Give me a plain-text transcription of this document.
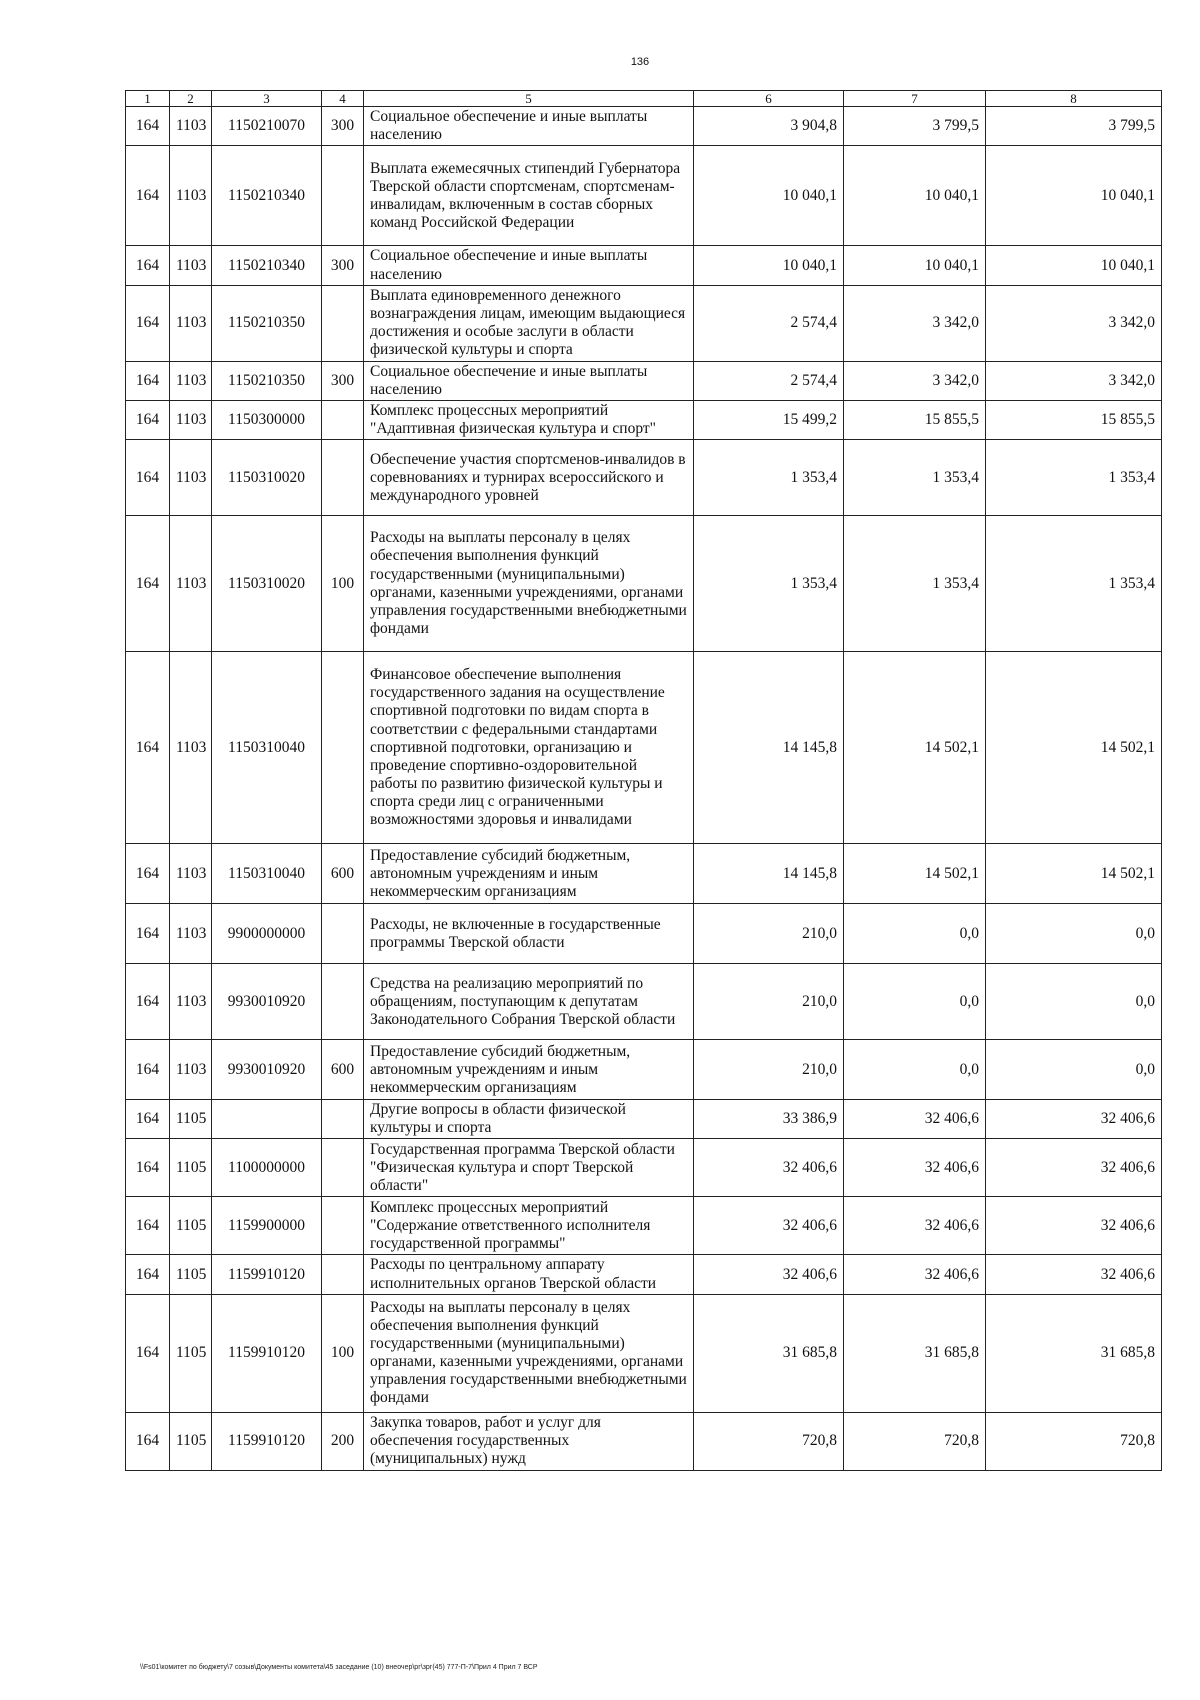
136
1	2	3	4	5	6	7	8
164	1103	1150210070	300	Социальное обеспечение и иные выплаты населению	3 904,8	3 799,5	3 799,5
164	1103	1150210340		Выплата ежемесячных стипендий Губернатора Тверской области спортсменам, спортсменам-инвалидам, включенным в состав сборных команд Российской Федерации	10 040,1	10 040,1	10 040,1
164	1103	1150210340	300	Социальное обеспечение и иные выплаты населению	10 040,1	10 040,1	10 040,1
164	1103	1150210350		Выплата единовременного денежного вознаграждения лицам, имеющим выдающиеся достижения и особые заслуги в области физической культуры и спорта	2 574,4	3 342,0	3 342,0
164	1103	1150210350	300	Социальное обеспечение и иные выплаты населению	2 574,4	3 342,0	3 342,0
164	1103	1150300000		Комплекс процессных мероприятий "Адаптивная физическая культура и спорт"	15 499,2	15 855,5	15 855,5
164	1103	1150310020		Обеспечение участия спортсменов-инвалидов в соревнованиях и турнирах всероссийского и международного уровней	1 353,4	1 353,4	1 353,4
164	1103	1150310020	100	Расходы на выплаты персоналу в целях обеспечения выполнения функций государственными (муниципальными) органами, казенными учреждениями, органами управления государственными внебюджетными фондами	1 353,4	1 353,4	1 353,4
164	1103	1150310040		Финансовое обеспечение выполнения государственного задания на осуществление спортивной подготовки по видам спорта в соответствии с федеральными стандартами спортивной подготовки, организацию и проведение спортивно-оздоровительной работы по развитию физической культуры и спорта среди лиц с ограниченными возможностями здоровья и инвалидами	14 145,8	14 502,1	14 502,1
164	1103	1150310040	600	Предоставление субсидий бюджетным, автономным учреждениям и иным некоммерческим организациям	14 145,8	14 502,1	14 502,1
164	1103	9900000000		Расходы, не включенные в государственные программы Тверской области	210,0	0,0	0,0
164	1103	9930010920		Средства на реализацию мероприятий по обращениям, поступающим к депутатам Законодательного Собрания Тверской области	210,0	0,0	0,0
164	1103	9930010920	600	Предоставление субсидий бюджетным, автономным учреждениям и иным некоммерческим организациям	210,0	0,0	0,0
164	1105			Другие вопросы в области физической культуры и спорта	33 386,9	32 406,6	32 406,6
164	1105	1100000000		Государственная программа Тверской области "Физическая культура и спорт Тверской области"	32 406,6	32 406,6	32 406,6
164	1105	1159900000		Комплекс процессных мероприятий "Содержание ответственного исполнителя государственной программы"	32 406,6	32 406,6	32 406,6
164	1105	1159910120		Расходы по центральному аппарату исполнительных органов Тверской области	32 406,6	32 406,6	32 406,6
164	1105	1159910120	100	Расходы на выплаты персоналу в целях обеспечения выполнения функций государственными (муниципальными) органами, казенными учреждениями, органами управления государственными внебюджетными фондами	31 685,8	31 685,8	31 685,8
164	1105	1159910120	200	Закупка товаров, работ и услуг для обеспечения государственных (муниципальных) нужд	720,8	720,8	720,8
\\Fs01\комитет по бюджету\7 созыв\Документы комитета\45 заседание (10) внеочер\рг\зрг(45) 777-П-7\Прил 4 Прил 7 ВСР
